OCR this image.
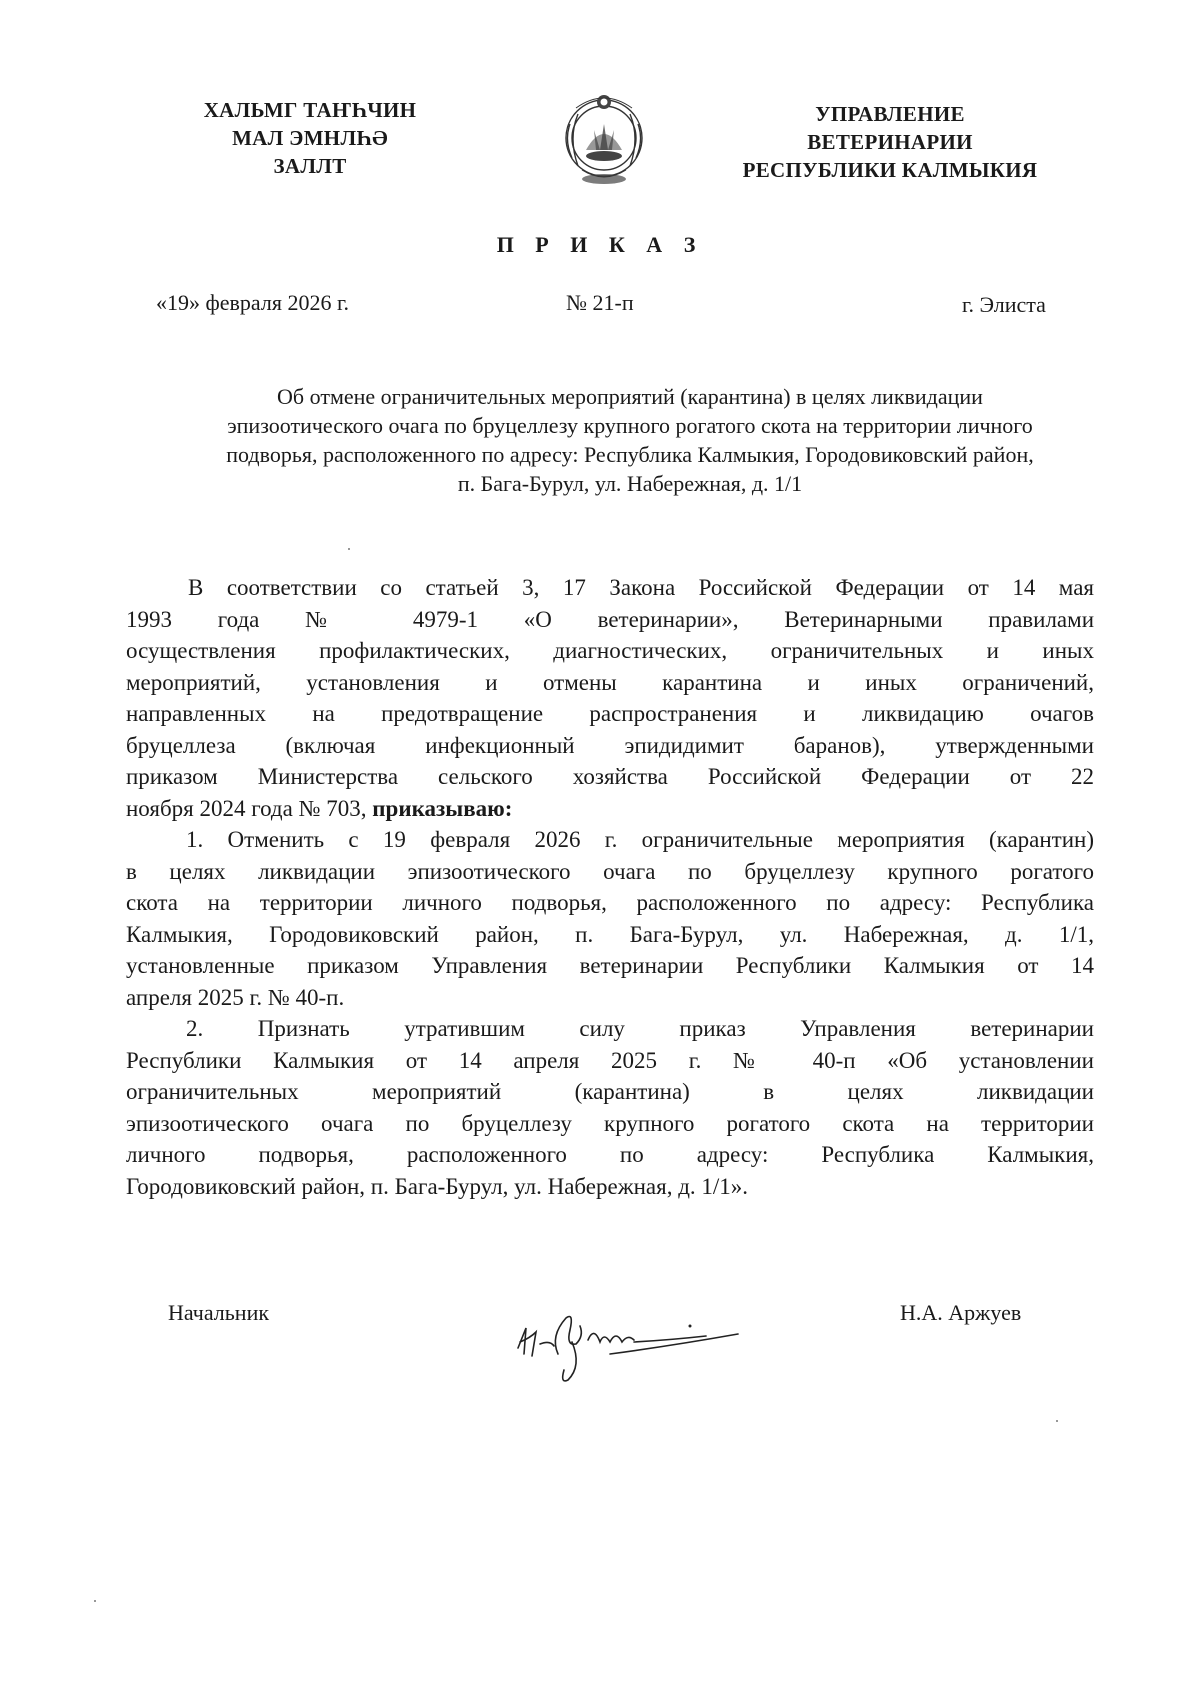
ХАЛЬМГ ТАҤҺЧИН
МАЛ ЭМНЛҺӘ
ЗАЛЛТ
УПРАВЛЕНИЕ
ВЕТЕРИНАРИИ
РЕСПУБЛИКИ КАЛМЫКИЯ
П Р И К А З
«19» февраля 2026 г.	№ 21-п	г. Элиста
Об отмене ограничительных мероприятий (карантина) в целях ликвидации
эпизоотического очага по бруцеллезу крупного рогатого скота на территории личного
подворья, расположенного по адресу: Республика Калмыкия, Городовиковский район,
п. Бага-Бурул, ул. Набережная, д. 1/1
В соответствии со статьей 3, 17 Закона Российской Федерации от 14 мая
1993 года № 4979-1 «О ветеринарии», Ветеринарными правилами
осуществления профилактических, диагностических, ограничительных и иных
мероприятий, установления и отмены карантина и иных ограничений,
направленных на предотвращение распространения и ликвидацию очагов
бруцеллеза (включая инфекционный эпидидимит баранов), утвержденными
приказом Министерства сельского хозяйства Российской Федерации от 22
ноября 2024 года № 703, приказываю:
1. Отменить с 19 февраля 2026 г. ограничительные мероприятия (карантин)
в целях ликвидации эпизоотического очага по бруцеллезу крупного рогатого
скота на территории личного подворья, расположенного по адресу: Республика
Калмыкия, Городовиковский район, п. Бага-Бурул, ул. Набережная, д. 1/1,
установленные приказом Управления ветеринарии Республики Калмыкия от 14
апреля 2025 г. № 40-п.
2. Признать утратившим силу приказ Управления ветеринарии
Республики Калмыкия от 14 апреля 2025 г. № 40-п «Об установлении
ограничительных мероприятий (карантина) в целях ликвидации
эпизоотического очага по бруцеллезу крупного рогатого скота на территории
личного подворья, расположенного по адресу: Республика Калмыкия,
Городовиковский район, п. Бага-Бурул, ул. Набережная, д. 1/1».
Начальник	Н.А. Аржуев
